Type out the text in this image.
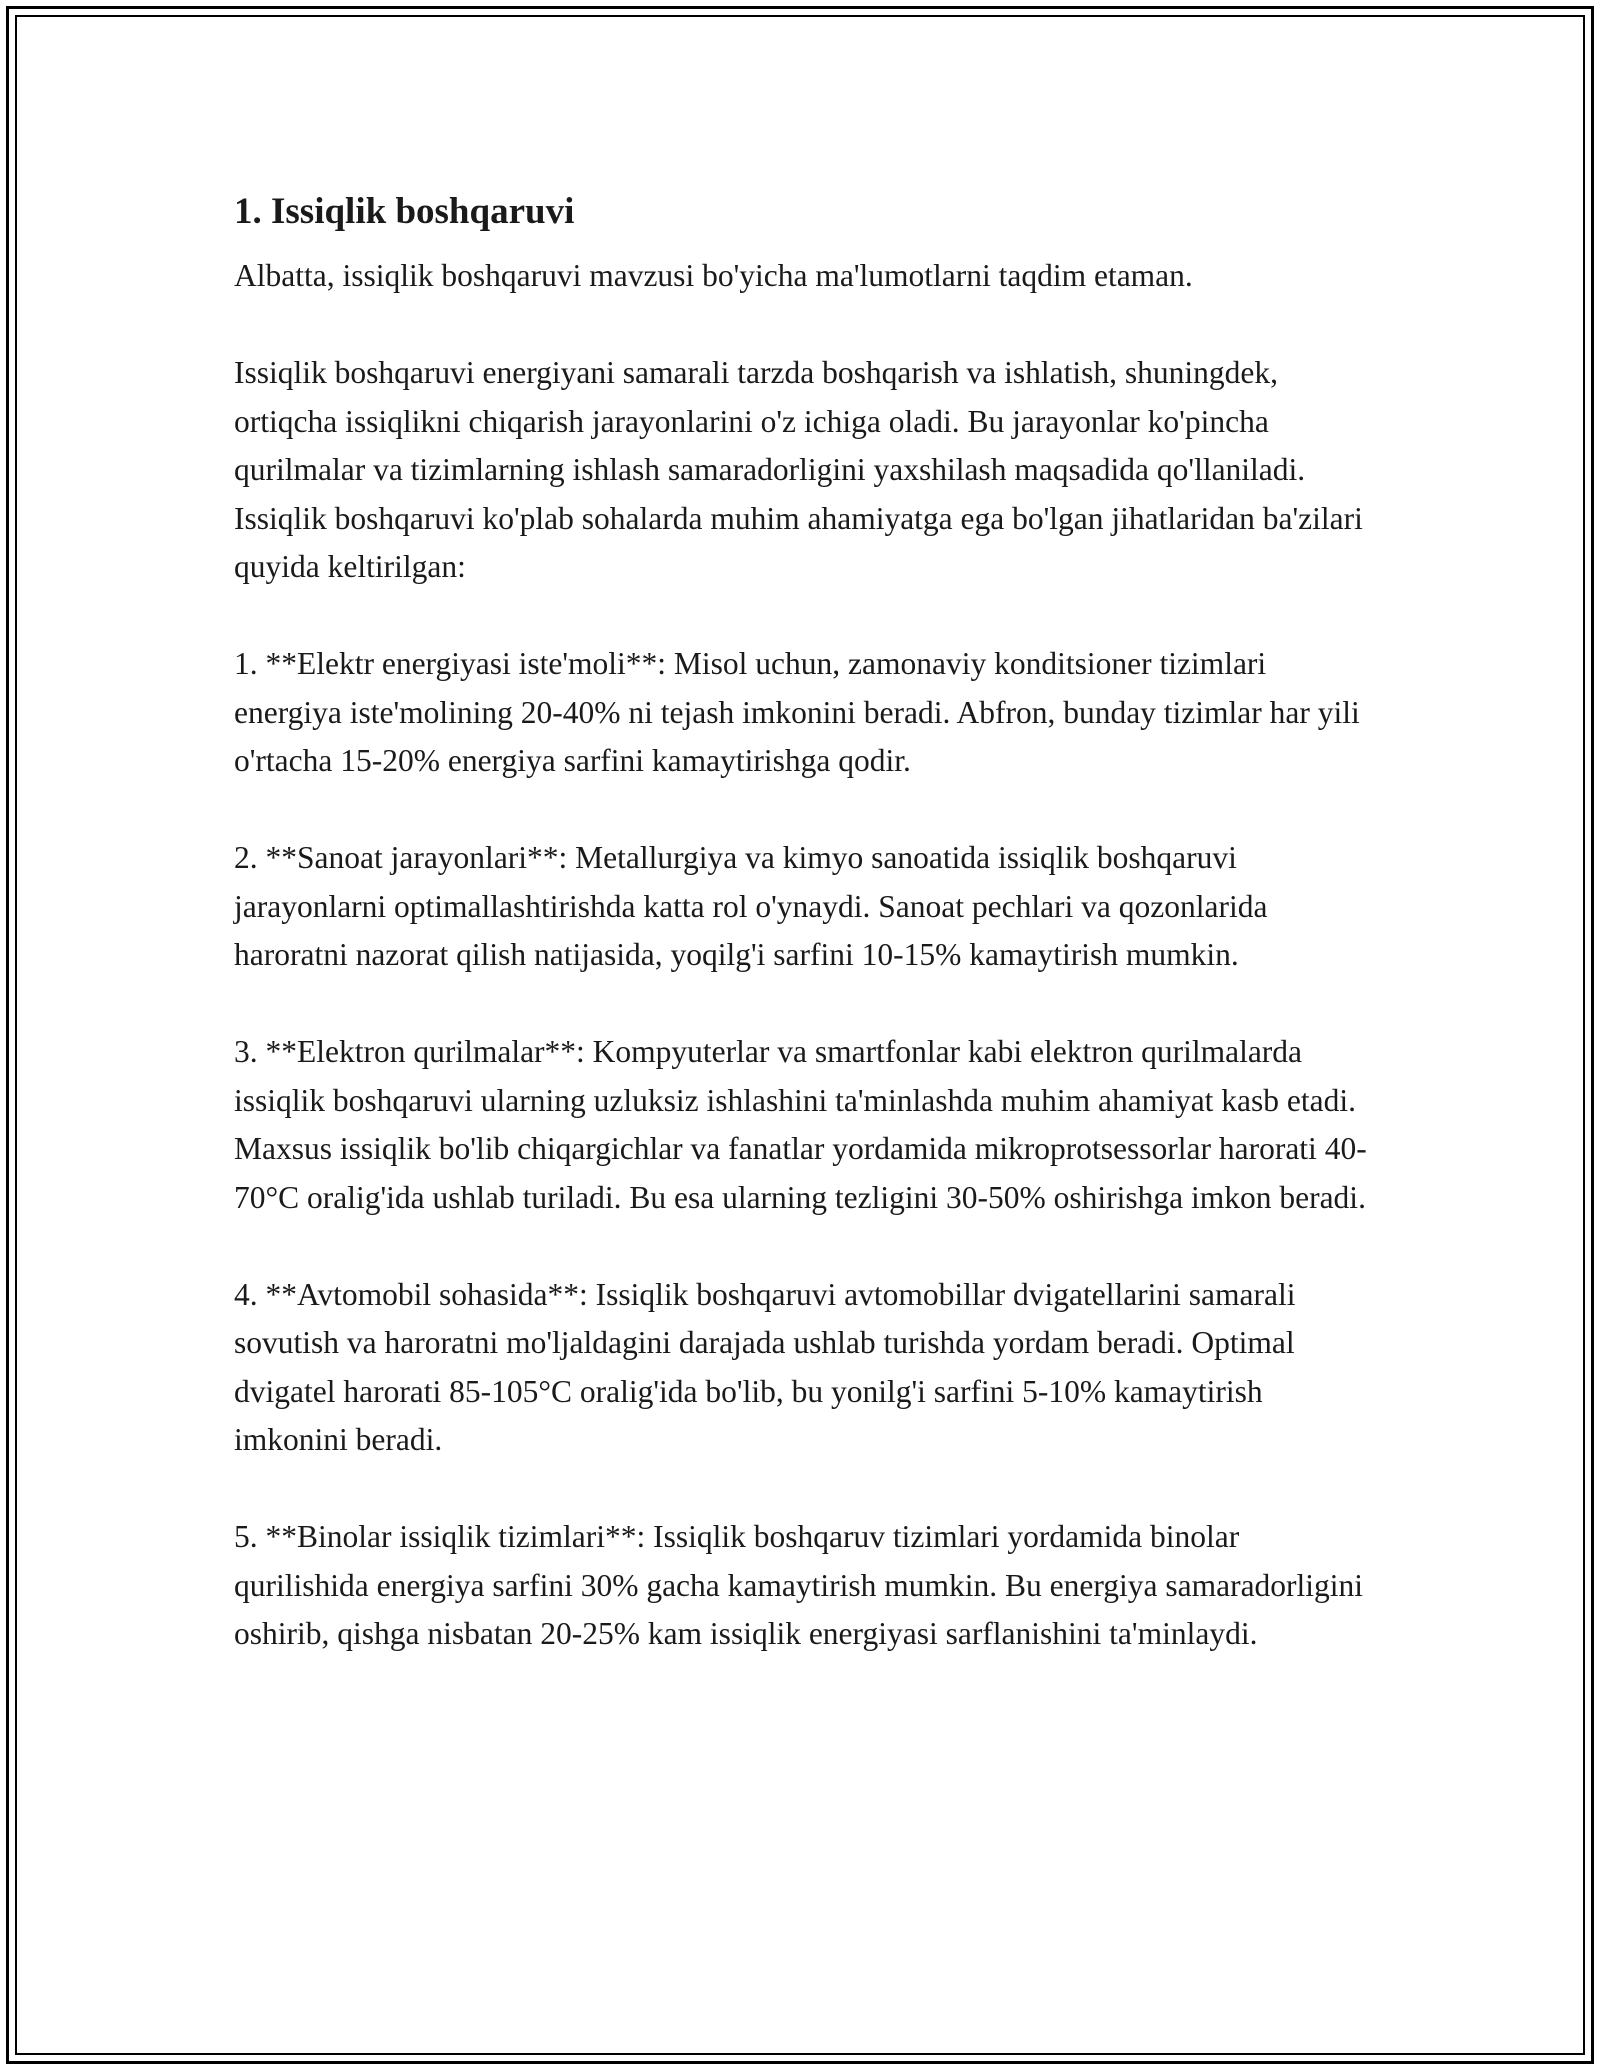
1. Issiqlik boshqaruvi

Albatta, issiqlik boshqaruvi mavzusi bo'yicha ma'lumotlarni taqdim etaman.

Issiqlik boshqaruvi energiyani samarali tarzda boshqarish va ishlatish, shuningdek, ortiqcha issiqlikni chiqarish jarayonlarini o'z ichiga oladi. Bu jarayonlar ko'pincha qurilmalar va tizimlarning ishlash samaradorligini yaxshilash maqsadida qo'llaniladi. Issiqlik boshqaruvi ko'plab sohalarda muhim ahamiyatga ega bo'lgan jihatlaridan ba'zilari quyida keltirilgan:

1. **Elektr energiyasi iste'moli**: Misol uchun, zamonaviy konditsioner tizimlari energiya iste'molining 20-40% ni tejash imkonini beradi. Abfron, bunday tizimlar har yili o'rtacha 15-20% energiya sarfini kamaytirishga qodir.

2. **Sanoat jarayonlari**: Metallurgiya va kimyo sanoatida issiqlik boshqaruvi jarayonlarni optimallashtirishda katta rol o'ynaydi. Sanoat pechlari va qozonlarida haroratni nazorat qilish natijasida, yoqilg'i sarfini 10-15% kamaytirish mumkin.

3. **Elektron qurilmalar**: Kompyuterlar va smartfonlar kabi elektron qurilmalarda issiqlik boshqaruvi ularning uzluksiz ishlashini ta'minlashda muhim ahamiyat kasb etadi. Maxsus issiqlik bo'lib chiqargichlar va fanatlar yordamida mikroprotsessorlar harorati 40-70°C oralig'ida ushlab turiladi. Bu esa ularning tezligini 30-50% oshirishga imkon beradi.

4. **Avtomobil sohasida**: Issiqlik boshqaruvi avtomobillar dvigatellarini samarali sovutish va haroratni mo'ljaldagini darajada ushlab turishda yordam beradi. Optimal dvigatel harorati 85-105°C oralig'ida bo'lib, bu yonilg'i sarfini 5-10% kamaytirish imkonini beradi.

5. **Binolar issiqlik tizimlari**: Issiqlik boshqaruv tizimlari yordamida binolar qurilishida energiya sarfini 30% gacha kamaytirish mumkin. Bu energiya samaradorligini oshirib, qishga nisbatan 20-25% kam issiqlik energiyasi sarflanishini ta'minlaydi.
